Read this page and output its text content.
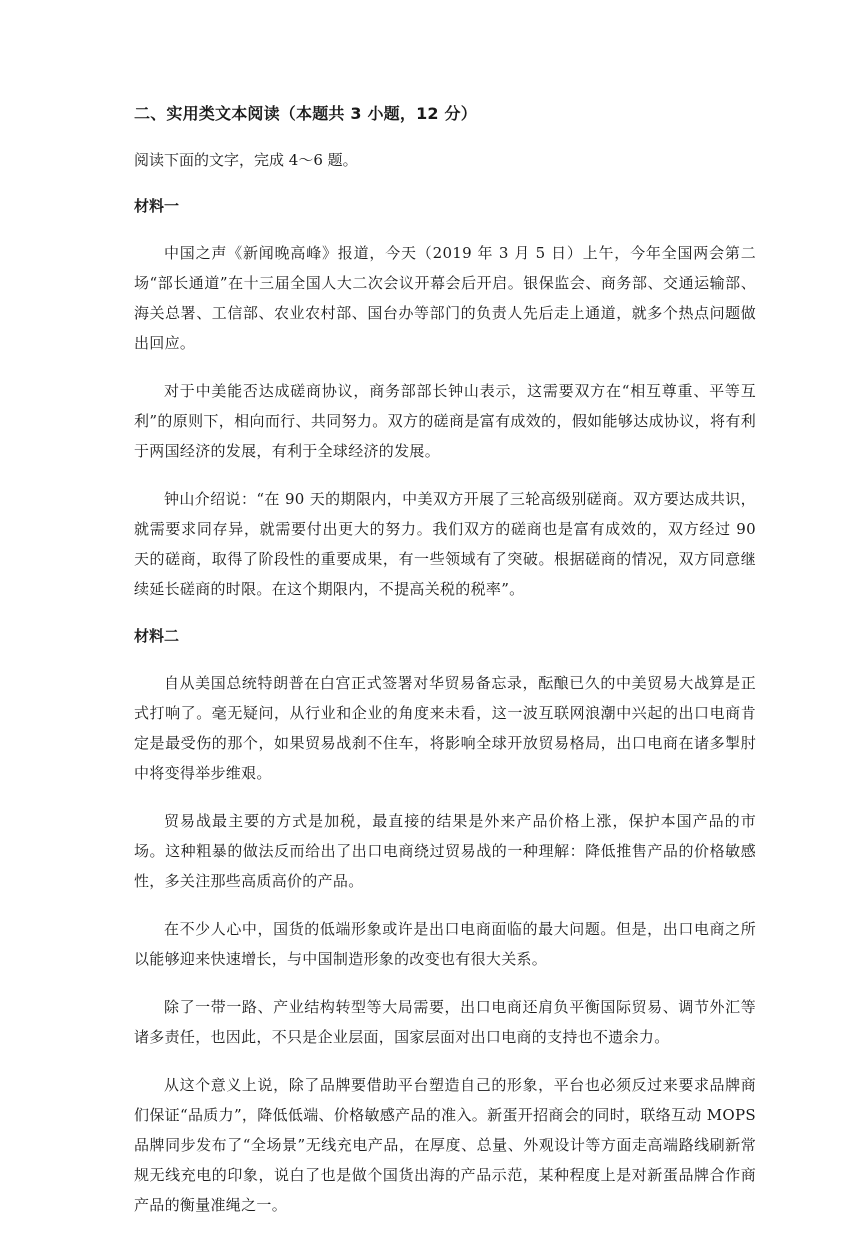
二、实用类文本阅读（本题共 3 小题，12 分）
阅读下面的文字，完成 4～6 题。
材料一

中国之声《新闻晚高峰》报道，今天（2019 年 3 月 5 日）上午，今年全国两会第二场“部长通道”在十三届全国人大二次会议开幕会后开启。银保监会、商务部、交通运输部、海关总署、工信部、农业农村部、国台办等部门的负责人先后走上通道，就多个热点问题做出回应。

对于中美能否达成磋商协议，商务部部长钟山表示，这需要双方在“相互尊重、平等互利”的原则下，相向而行、共同努力。双方的磋商是富有成效的，假如能够达成协议，将有利于两国经济的发展，有利于全球经济的发展。

钟山介绍说：“在 90 天的期限内，中美双方开展了三轮高级别磋商。双方要达成共识，就需要求同存异，就需要付出更大的努力。我们双方的磋商也是富有成效的，双方经过 90 天的磋商，取得了阶段性的重要成果，有一些领域有了突破。根据磋商的情况，双方同意继续延长磋商的时限。在这个期限内，不提高关税的税率”。

材料二

自从美国总统特朗普在白宫正式签署对华贸易备忘录，酝酿已久的中美贸易大战算是正式打响了。毫无疑问，从行业和企业的角度来未看，这一波互联网浪潮中兴起的出口电商肯定是最受伤的那个，如果贸易战刹不住车，将影响全球开放贸易格局，出口电商在诸多掣肘中将变得举步维艰。

贸易战最主要的方式是加税，最直接的结果是外来产品价格上涨，保护本国产品的市场。这种粗暴的做法反而给出了出口电商绕过贸易战的一种理解：降低推售产品的价格敏感性，多关注那些高质高价的产品。

在不少人心中，国货的低端形象或许是出口电商面临的最大问题。但是，出口电商之所以能够迎来快速增长，与中国制造形象的改变也有很大关系。

除了一带一路、产业结构转型等大局需要，出口电商还肩负平衡国际贸易、调节外汇等诸多责任，也因此，不只是企业层面，国家层面对出口电商的支持也不遗余力。

从这个意义上说，除了品牌要借助平台塑造自己的形象，平台也必须反过来要求品牌商们保证“品质力”，降低低端、价格敏感产品的准入。新蛋开招商会的同时，联络互动 MOPS 品牌同步发布了“全场景”无线充电产品，在厚度、总量、外观设计等方面走高端路线刷新常规无线充电的印象，说白了也是做个国货出海的产品示范，某种程度上是对新蛋品牌合作商产品的衡量准绳之一。
